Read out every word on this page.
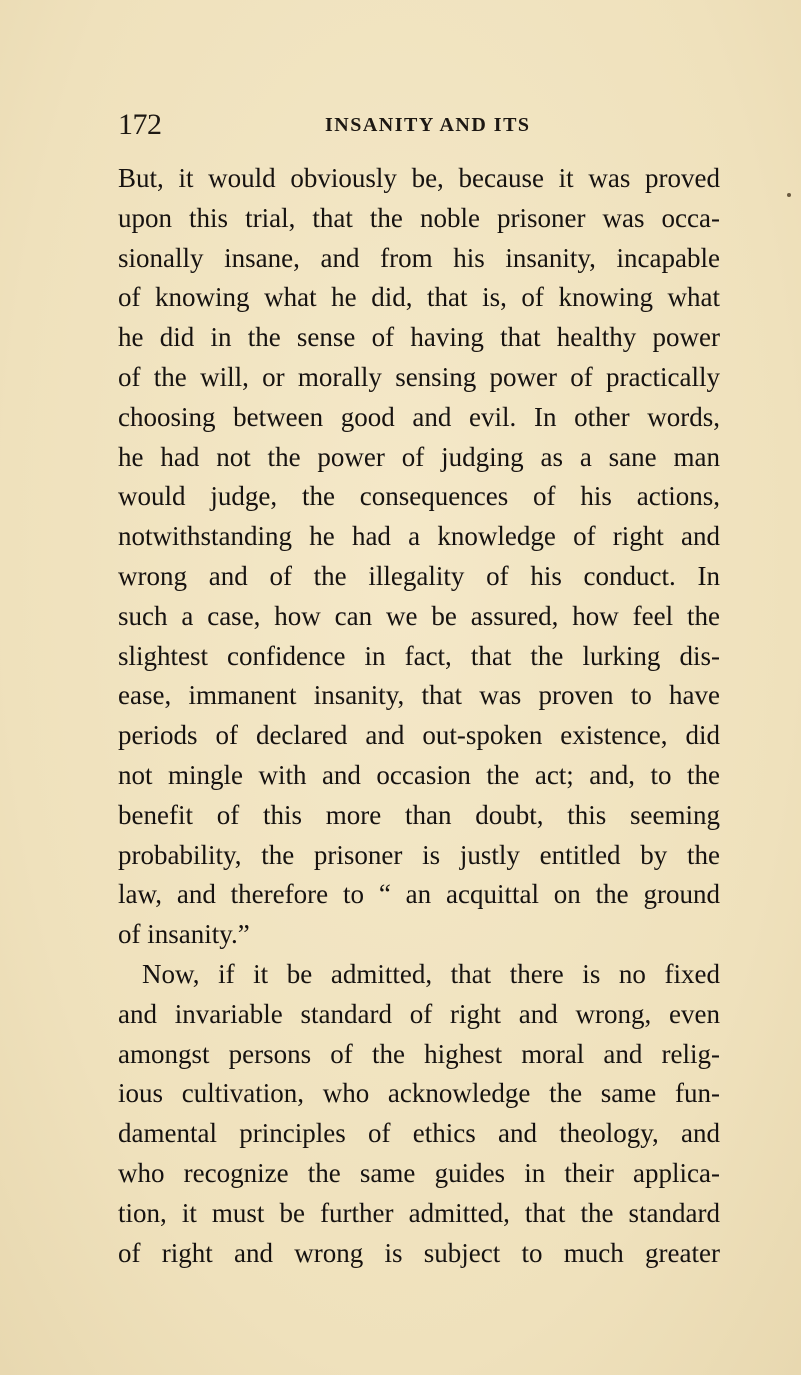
172	INSANITY AND ITS
But, it would obviously be, because it was proved
upon this trial, that the noble prisoner was occa-
sionally insane, and from his insanity, incapable
of knowing what he did, that is, of knowing what
he did in the sense of having that healthy power
of the will, or morally sensing power of practically
choosing between good and evil. In other words,
he had not the power of judging as a sane man
would judge, the consequences of his actions,
notwithstanding he had a knowledge of right and
wrong and of the illegality of his conduct. In
such a case, how can we be assured, how feel the
slightest confidence in fact, that the lurking dis-
ease, immanent insanity, that was proven to have
periods of declared and out-spoken existence, did
not mingle with and occasion the act; and, to the
benefit of this more than doubt, this seeming
probability, the prisoner is justly entitled by the
law, and therefore to “ an acquittal on the ground
of insanity.”
Now, if it be admitted, that there is no fixed
and invariable standard of right and wrong, even
amongst persons of the highest moral and relig-
ious cultivation, who acknowledge the same fun-
damental principles of ethics and theology, and
who recognize the same guides in their applica-
tion, it must be further admitted, that the standard
of right and wrong is subject to much greater
